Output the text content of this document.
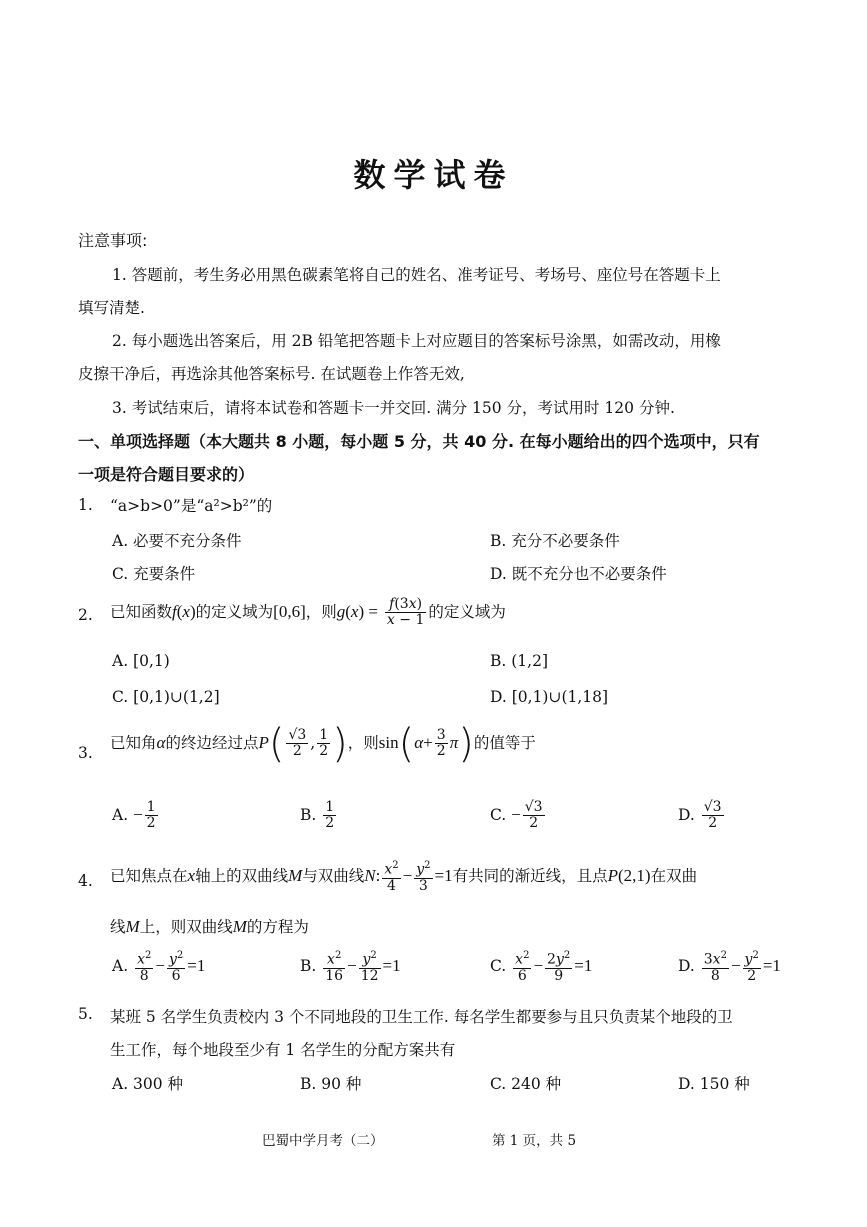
数学试卷
注意事项:
1. 答题前，考生务必用黑色碳素笔将自己的姓名、准考证号、考场号、座位号在答题卡上
填写清楚.
2. 每小题选出答案后，用 2B 铅笔把答题卡上对应题目的答案标号涂黑，如需改动，用橡
皮擦干净后，再选涂其他答案标号. 在试题卷上作答无效,
3. 考试结束后，请将本试卷和答题卡一并交回. 满分 150 分，考试用时 120 分钟.
一、单项选择题（本大题共 8 小题，每小题 5 分，共 40 分. 在每小题给出的四个选项中，只有
一项是符合题目要求的）
1. “a>b>0”是“a²>b²”的
A. 必要不充分条件	B. 充分不必要条件
C. 充要条件	D. 既不充分也不必要条件
2. 已知函数f(x)的定义域为[0,6]，则$g(x) = \frac{f(3x)}{x - 1}$ 的定义域为
A. [0,1)	B. (1,2]
C. [0,1)∪(1,2]	D. [0,1)∪(1,18]
3.
已知角α的终边经过点$P( \frac{√3}{2}$ , $\frac{1}{2}$ )，则$\sin(\alpha+ \frac{3}{2} \pi)$的值等于
A. − $\frac{1}{2}$	B. $\frac{1}{2}$	C. − $\frac{√3}{2}$	D. $\frac{√3}{2}$
4. 已知焦点在x轴上的双曲线M与双曲线N: $\frac{x^2}{4} - \frac{y^2}{3} =1$有共同的渐近线，且点P(2,1)在双曲
线M上，则双曲线M的方程为
A. $\frac{x^2}{8} - \frac{y^2}{6} =1$	B. $\frac{x^2}{16} - \frac{y^2}{12} =1$	C. $\frac{x^2}{6} - \frac{2y^2}{9} =1$	D. $\frac{3x^2}{8} - \frac{y^2}{2} =1$
5. 某班 5 名学生负责校内 3 个不同地段的卫生工作. 每名学生都要参与且只负责某个地段的卫
生工作，每个地段至少有 1 名学生的分配方案共有
A. 300 种	B. 90 种	C. 240 种	D. 150 种
巴蜀中学月考（二）	第 1 页，共 5
